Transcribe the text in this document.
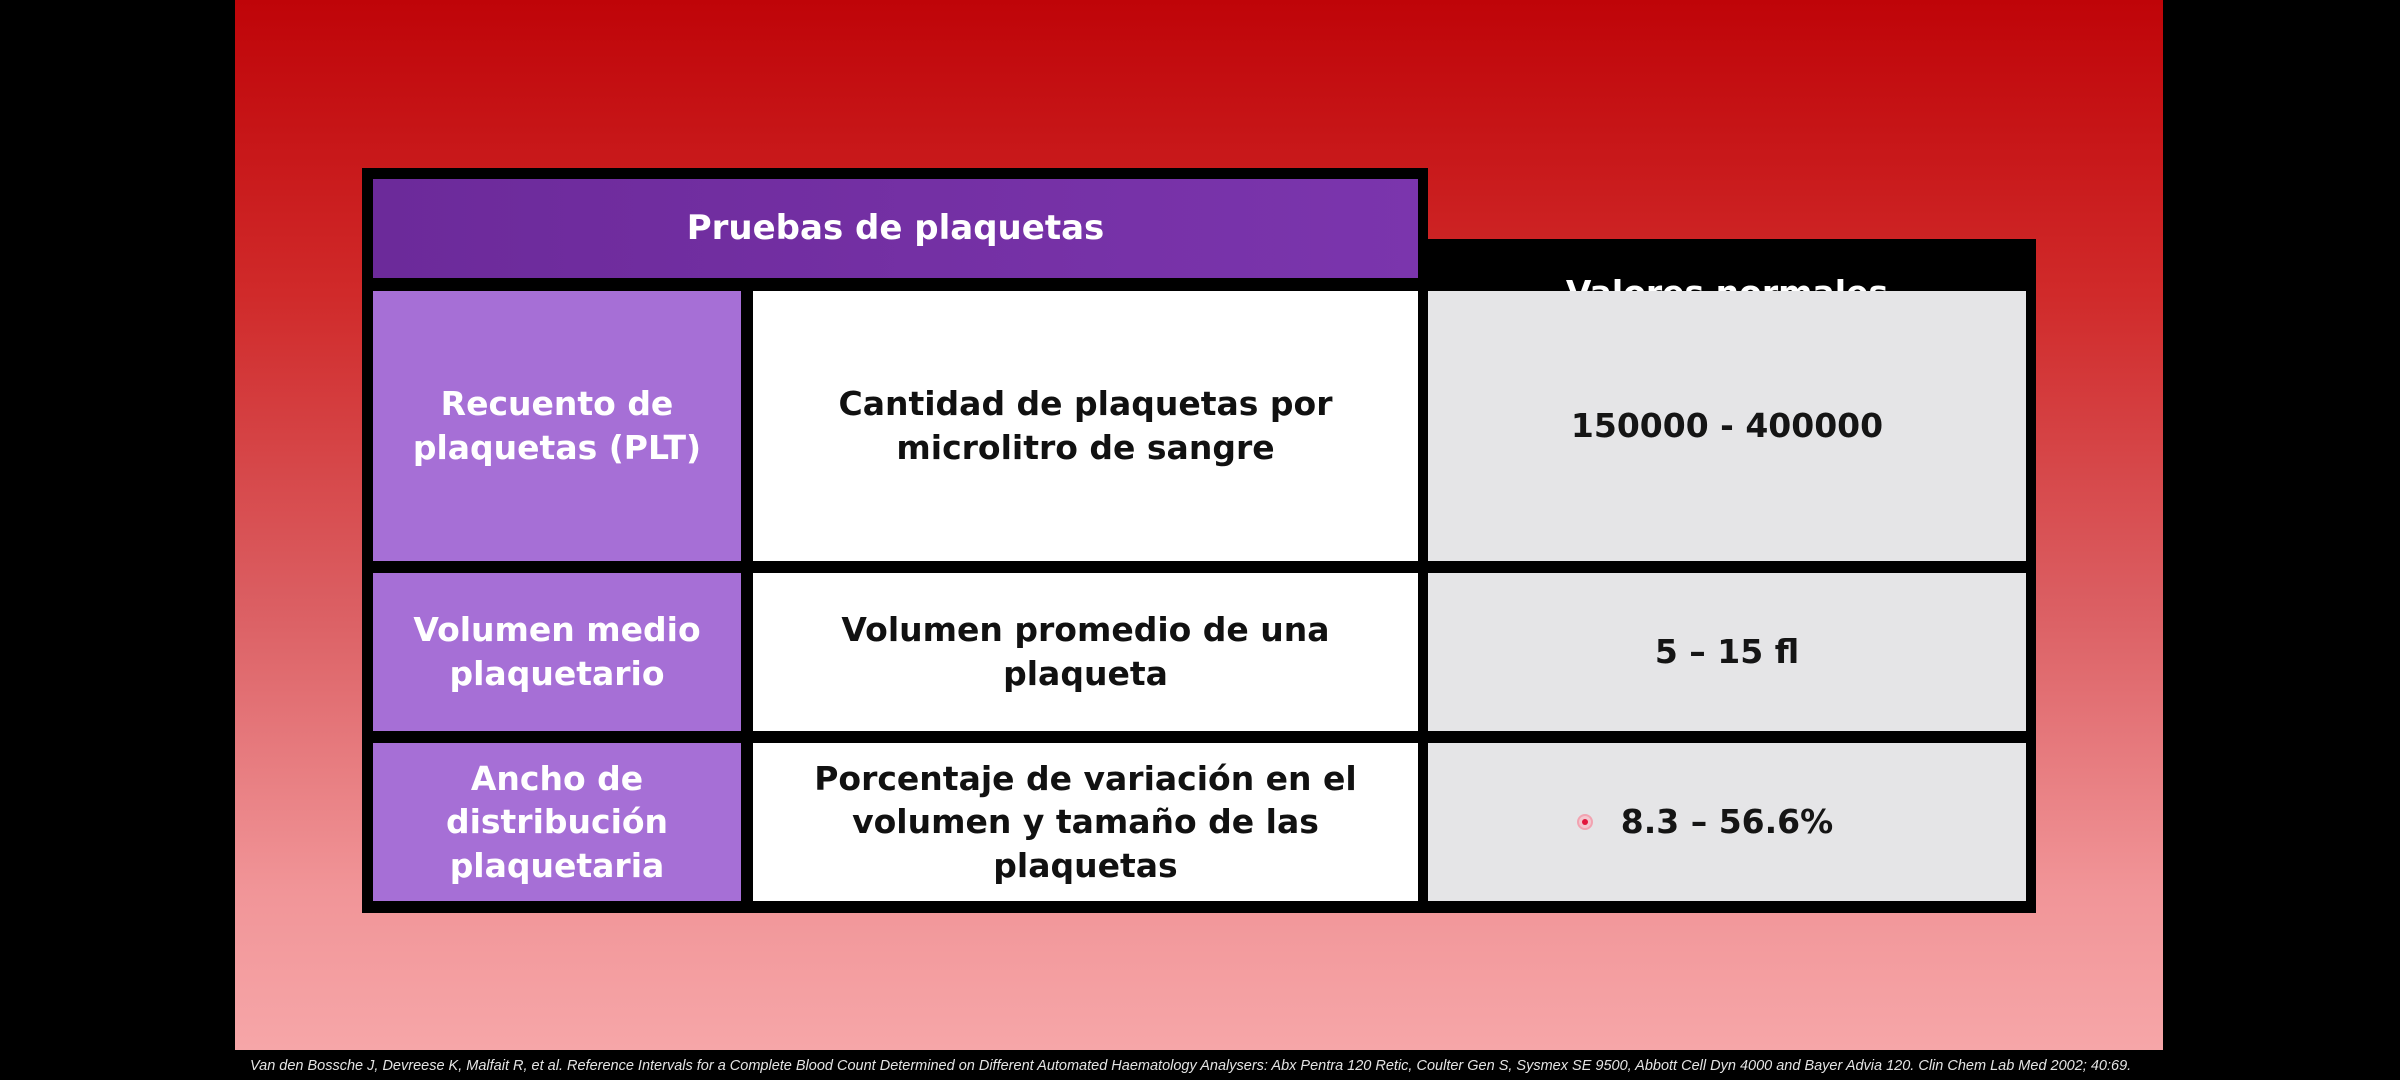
Pruebas de plaquetas
Recuento de plaquetas (PLT)
Cantidad de plaquetas por microlitro de sangre
150000 - 400000
Volumen medio plaquetario
Volumen promedio de una plaqueta
5 – 15 fl
Ancho de distribución plaquetaria
Porcentaje de variación en el volumen y tamaño de las plaquetas
8.3 – 56.6%
Van den Bossche J, Devreese K, Malfait R, et al. Reference Intervals for a Complete Blood Count Determined on Different Automated Haematology Analysers: Abx Pentra 120 Retic, Coulter Gen S, Sysmex SE 9500, Abbott Cell Dyn 4000 and Bayer Advia 120. Clin Chem Lab Med 2002; 40:69.
